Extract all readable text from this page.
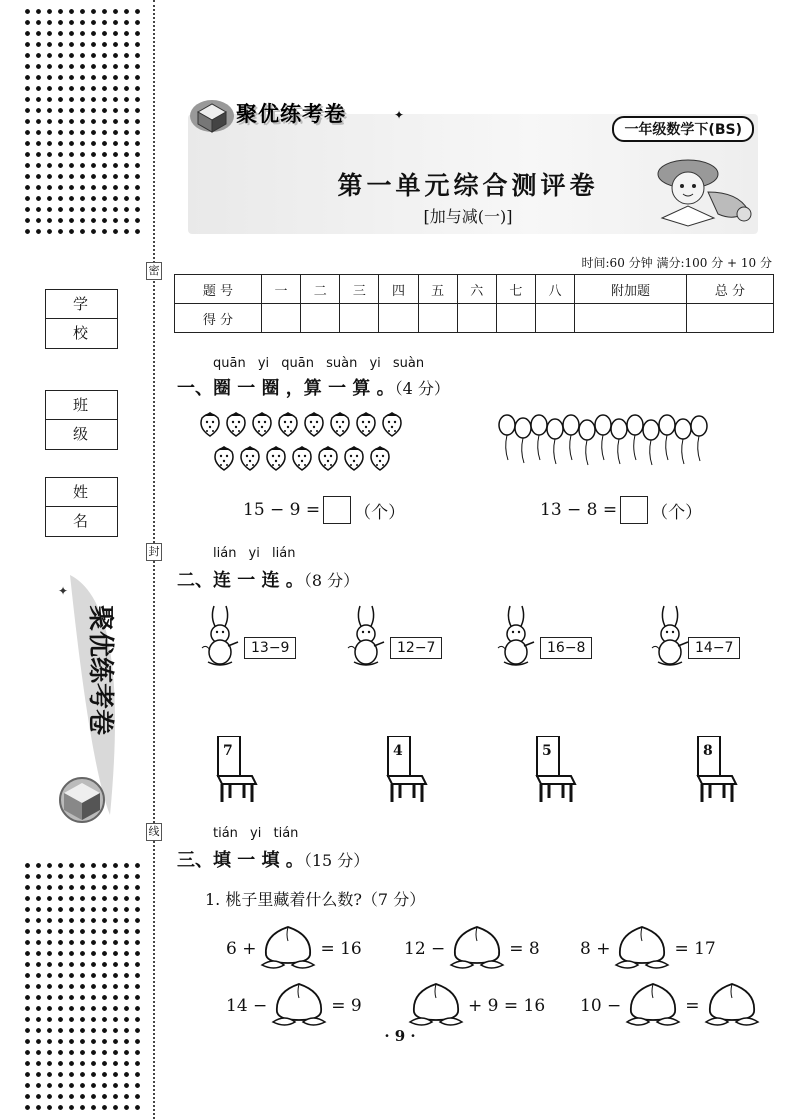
密
封
线
学 校
班 级
姓 名
聚优练考卷
✦
聚优练考卷	✦
一年级数学下(BS)
第一单元综合测评卷
[加与减(一)]
时间:60 分钟 满分:100 分 + 10 分
题 号	一	二	三	四	五	六	七	八	附加题	总 分
得 分										
quān yi quān suàn yi suàn
一、圈 一 圈 ，算 一 算 。（4 分）
15 − 9 = （个）	13 − 8 = （个）
lián yi lián
二、连 一 连 。（8 分）
13−9	12−7	16−8	14−7
7	4	5	8
tián yi tián
三、填 一 填 。（15 分）
1. 桃子里藏着什么数?（7 分）
6 +	= 16 12 −	= 8 8 +	= 17
14 −	= 9	+ 9 = 16 10 −	=
· 9 ·
